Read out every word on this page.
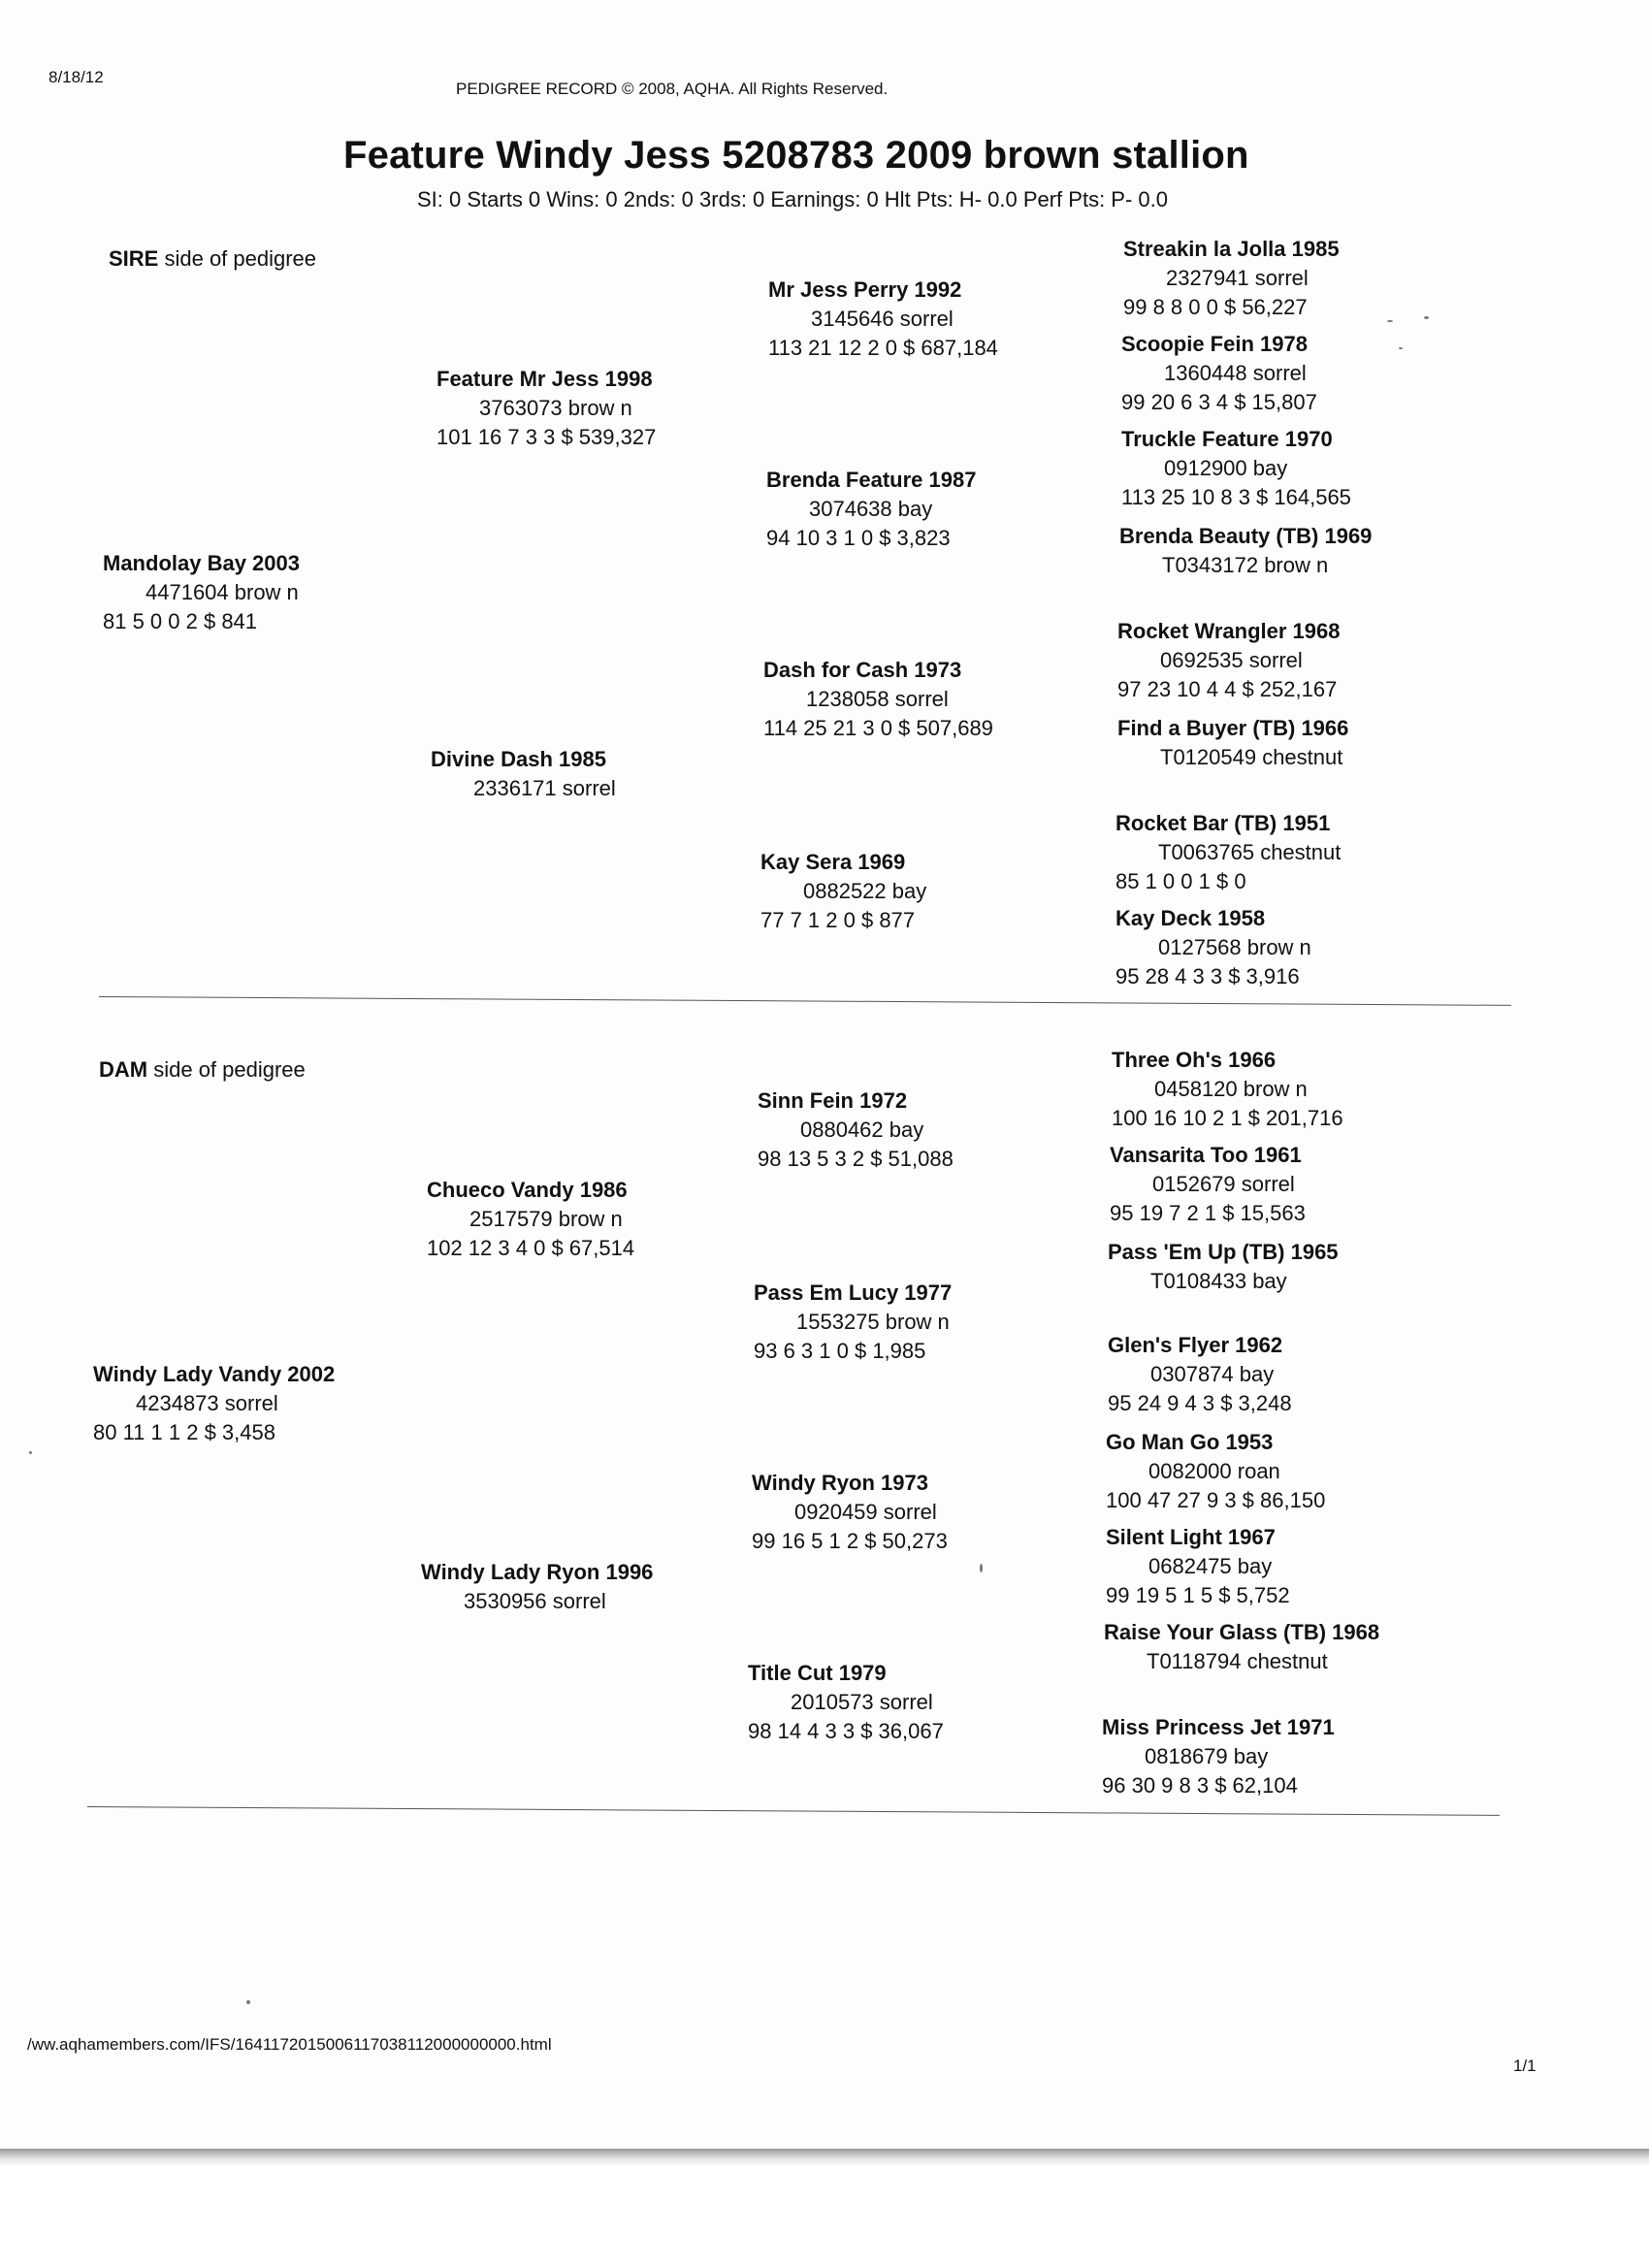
8/18/12
PEDIGREE RECORD © 2008, AQHA. All Rights Reserved.
Feature Windy Jess 5208783 2009 brown stallion
SI: 0 Starts 0 Wins: 0 2nds: 0 3rds: 0 Earnings: 0 Hlt Pts: H- 0.0 Perf Pts: P- 0.0
SIRE side of pedigree
Mandolay Bay 2003
4471604 brow n
81 5 0 0 2 $ 841
Feature Mr Jess 1998
3763073 brow n
101 16 7 3 3 $ 539,327
Divine Dash 1985
2336171 sorrel
Mr Jess Perry 1992
3145646 sorrel
113 21 12 2 0 $ 687,184
Brenda Feature 1987
3074638 bay
94 10 3 1 0 $ 3,823
Dash for Cash 1973
1238058 sorrel
114 25 21 3 0 $ 507,689
Kay Sera 1969
0882522 bay
77 7 1 2 0 $ 877
Streakin la Jolla 1985
2327941 sorrel
99 8 8 0 0 $ 56,227
Scoopie Fein 1978
1360448 sorrel
99 20 6 3 4 $ 15,807
Truckle Feature 1970
0912900 bay
113 25 10 8 3 $ 164,565
Brenda Beauty (TB) 1969
T0343172 brow n
Rocket Wrangler 1968
0692535 sorrel
97 23 10 4 4 $ 252,167
Find a Buyer (TB) 1966
T0120549 chestnut
Rocket Bar (TB) 1951
T0063765 chestnut
85 1 0 0 1 $ 0
Kay Deck 1958
0127568 brow n
95 28 4 3 3 $ 3,916
DAM side of pedigree
Windy Lady Vandy 2002
4234873 sorrel
80 11 1 1 2 $ 3,458
Chueco Vandy 1986
2517579 brow n
102 12 3 4 0 $ 67,514
Windy Lady Ryon 1996
3530956 sorrel
Sinn Fein 1972
0880462 bay
98 13 5 3 2 $ 51,088
Pass Em Lucy 1977
1553275 brow n
93 6 3 1 0 $ 1,985
Windy Ryon 1973
0920459 sorrel
99 16 5 1 2 $ 50,273
Title Cut 1979
2010573 sorrel
98 14 4 3 3 $ 36,067
Three Oh's 1966
0458120 brow n
100 16 10 2 1 $ 201,716
Vansarita Too 1961
0152679 sorrel
95 19 7 2 1 $ 15,563
Pass 'Em Up (TB) 1965
T0108433 bay
Glen's Flyer 1962
0307874 bay
95 24 9 4 3 $ 3,248
Go Man Go 1953
0082000 roan
100 47 27 9 3 $ 86,150
Silent Light 1967
0682475 bay
99 19 5 1 5 $ 5,752
Raise Your Glass (TB) 1968
T0118794 chestnut
Miss Princess Jet 1971
0818679 bay
96 30 9 8 3 $ 62,104
/ww.aqhamembers.com/IFS/1641172015006117038112000000000.html
1/1
